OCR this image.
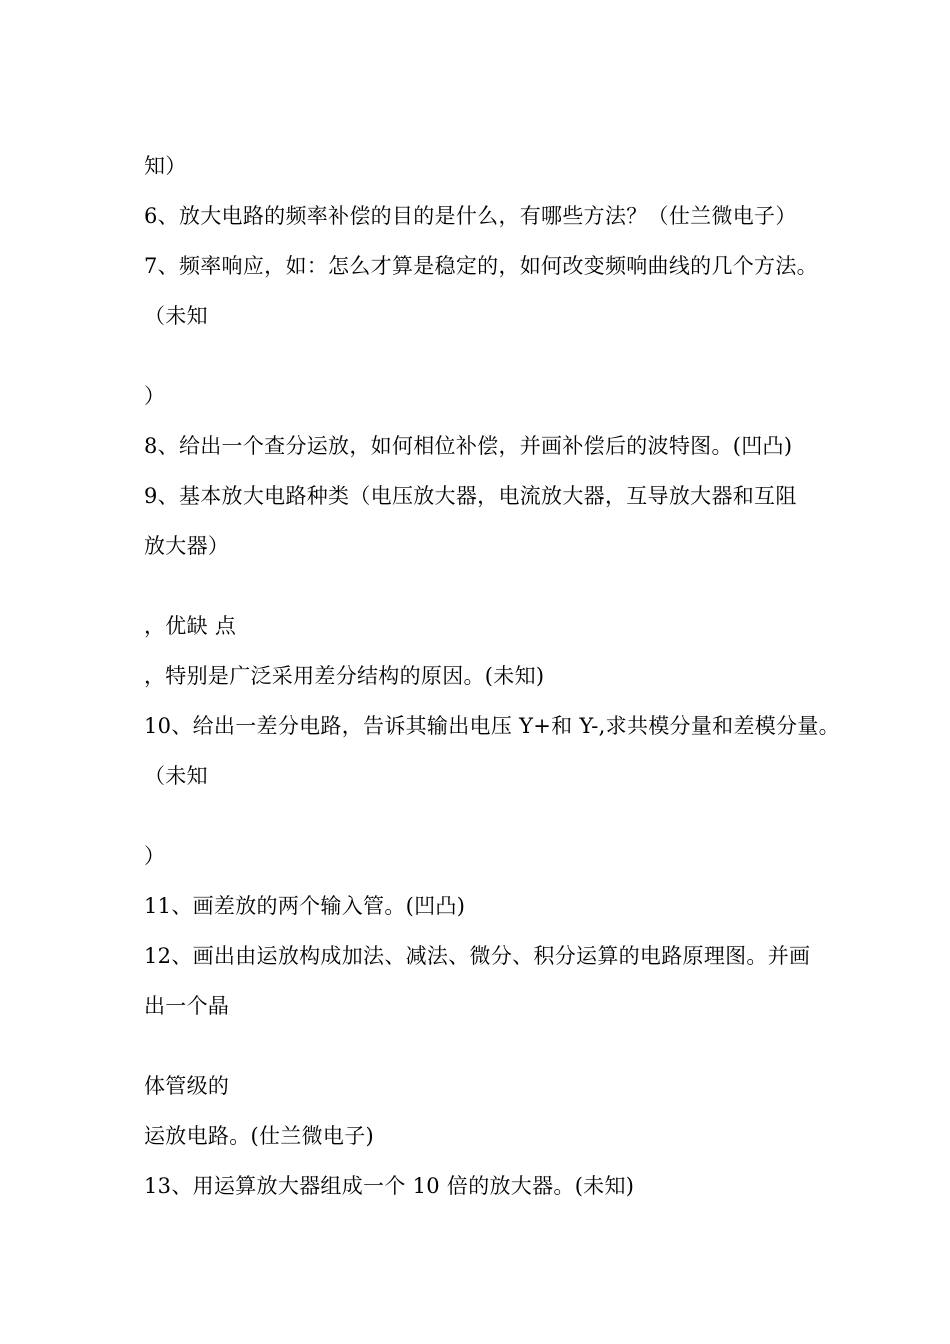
知）
6、放大电路的频率补偿的目的是什么，有哪些方法？（仕兰微电子）
7、频率响应，如：怎么才算是稳定的，如何改变频响曲线的几个方法。
（未知
）
8、给出一个查分运放，如何相位补偿，并画补偿后的波特图。(凹凸)
9、基本放大电路种类（电压放大器，电流放大器，互导放大器和互阻
放大器）
，优缺 点
，特别是广泛采用差分结构的原因。(未知)
10、给出一差分电路，告诉其输出电压 Y+和 Y-,求共模分量和差模分量。
（未知
）
11、画差放的两个输入管。(凹凸)
12、画出由运放构成加法、减法、微分、积分运算的电路原理图。并画
出一个晶
体管级的
运放电路。(仕兰微电子)
13、用运算放大器组成一个 10 倍的放大器。(未知)
